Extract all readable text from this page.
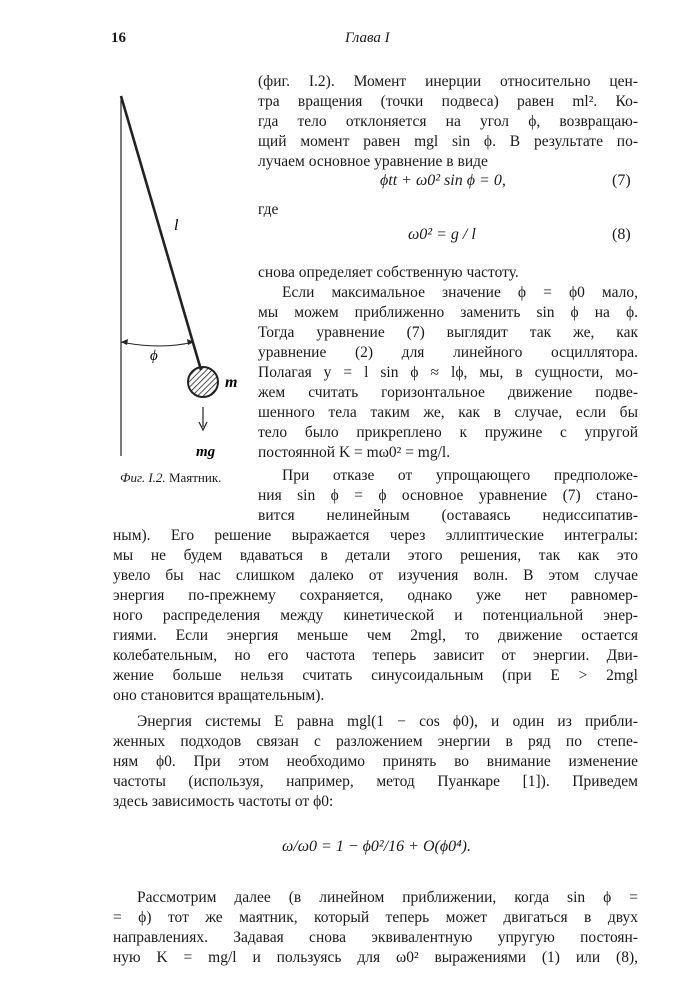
16	Глава I
ϕ
l
m
mg
Фиг. I.2. Маятник.
(фиг. I.2). Момент инерции относительно цен-
тра вращения (точки подвеса) равен ml². Ко-
гда тело отклоняется на угол ϕ, возвращаю-
щий момент равен mgl sin ϕ. В результате по-
лучаем основное уравнение в виде
ϕtt + ω0² sin ϕ = 0,	(7)
где
ω0² = g / l	(8)
снова определяет собственную частоту.
Если максимальное значение ϕ = ϕ0 мало,
мы можем приближенно заменить sin ϕ на ϕ.
Тогда уравнение (7) выглядит так же, как
уравнение (2) для линейного осциллятора.
Полагая y = l sin ϕ ≈ lϕ, мы, в сущности, мо-
жем считать горизонтальное движение подве-
шенного тела таким же, как в случае, если бы
тело было прикреплено к пружине с упругой
постоянной K = mω0² = mg/l.
При отказе от упрощающего предположе-
ния sin ϕ = ϕ основное уравнение (7) стано-
вится нелинейным (оставаясь недиссипатив-
ным). Его решение выражается через эллиптические интегралы:
мы не будем вдаваться в детали этого решения, так как это
увело бы нас слишком далеко от изучения волн. В этом случае
энергия по-прежнему сохраняется, однако уже нет равномер-
ного распределения между кинетической и потенциальной энер-
гиями. Если энергия меньше чем 2mgl, то движение остается
колебательным, но его частота теперь зависит от энергии. Дви-
жение больше нельзя считать синусоидальным (при E > 2mgl
оно становится вращательным).
Энергия системы E равна mgl(1 − cos ϕ0), и один из прибли-
женных подходов связан с разложением энергии в ряд по степе-
ням ϕ0. При этом необходимо принять во внимание изменение
частоты (используя, например, метод Пуанкаре [1]). Приведем
здесь зависимость частоты от ϕ0:
ω/ω0 = 1 − ϕ0²/16 + O(ϕ0⁴).
Рассмотрим далее (в линейном приближении, когда sin ϕ =
= ϕ) тот же маятник, который теперь может двигаться в двух
направлениях. Задавая снова эквивалентную упругую постоян-
ную K = mg/l и пользуясь для ω0² выражениями (1) или (8),
